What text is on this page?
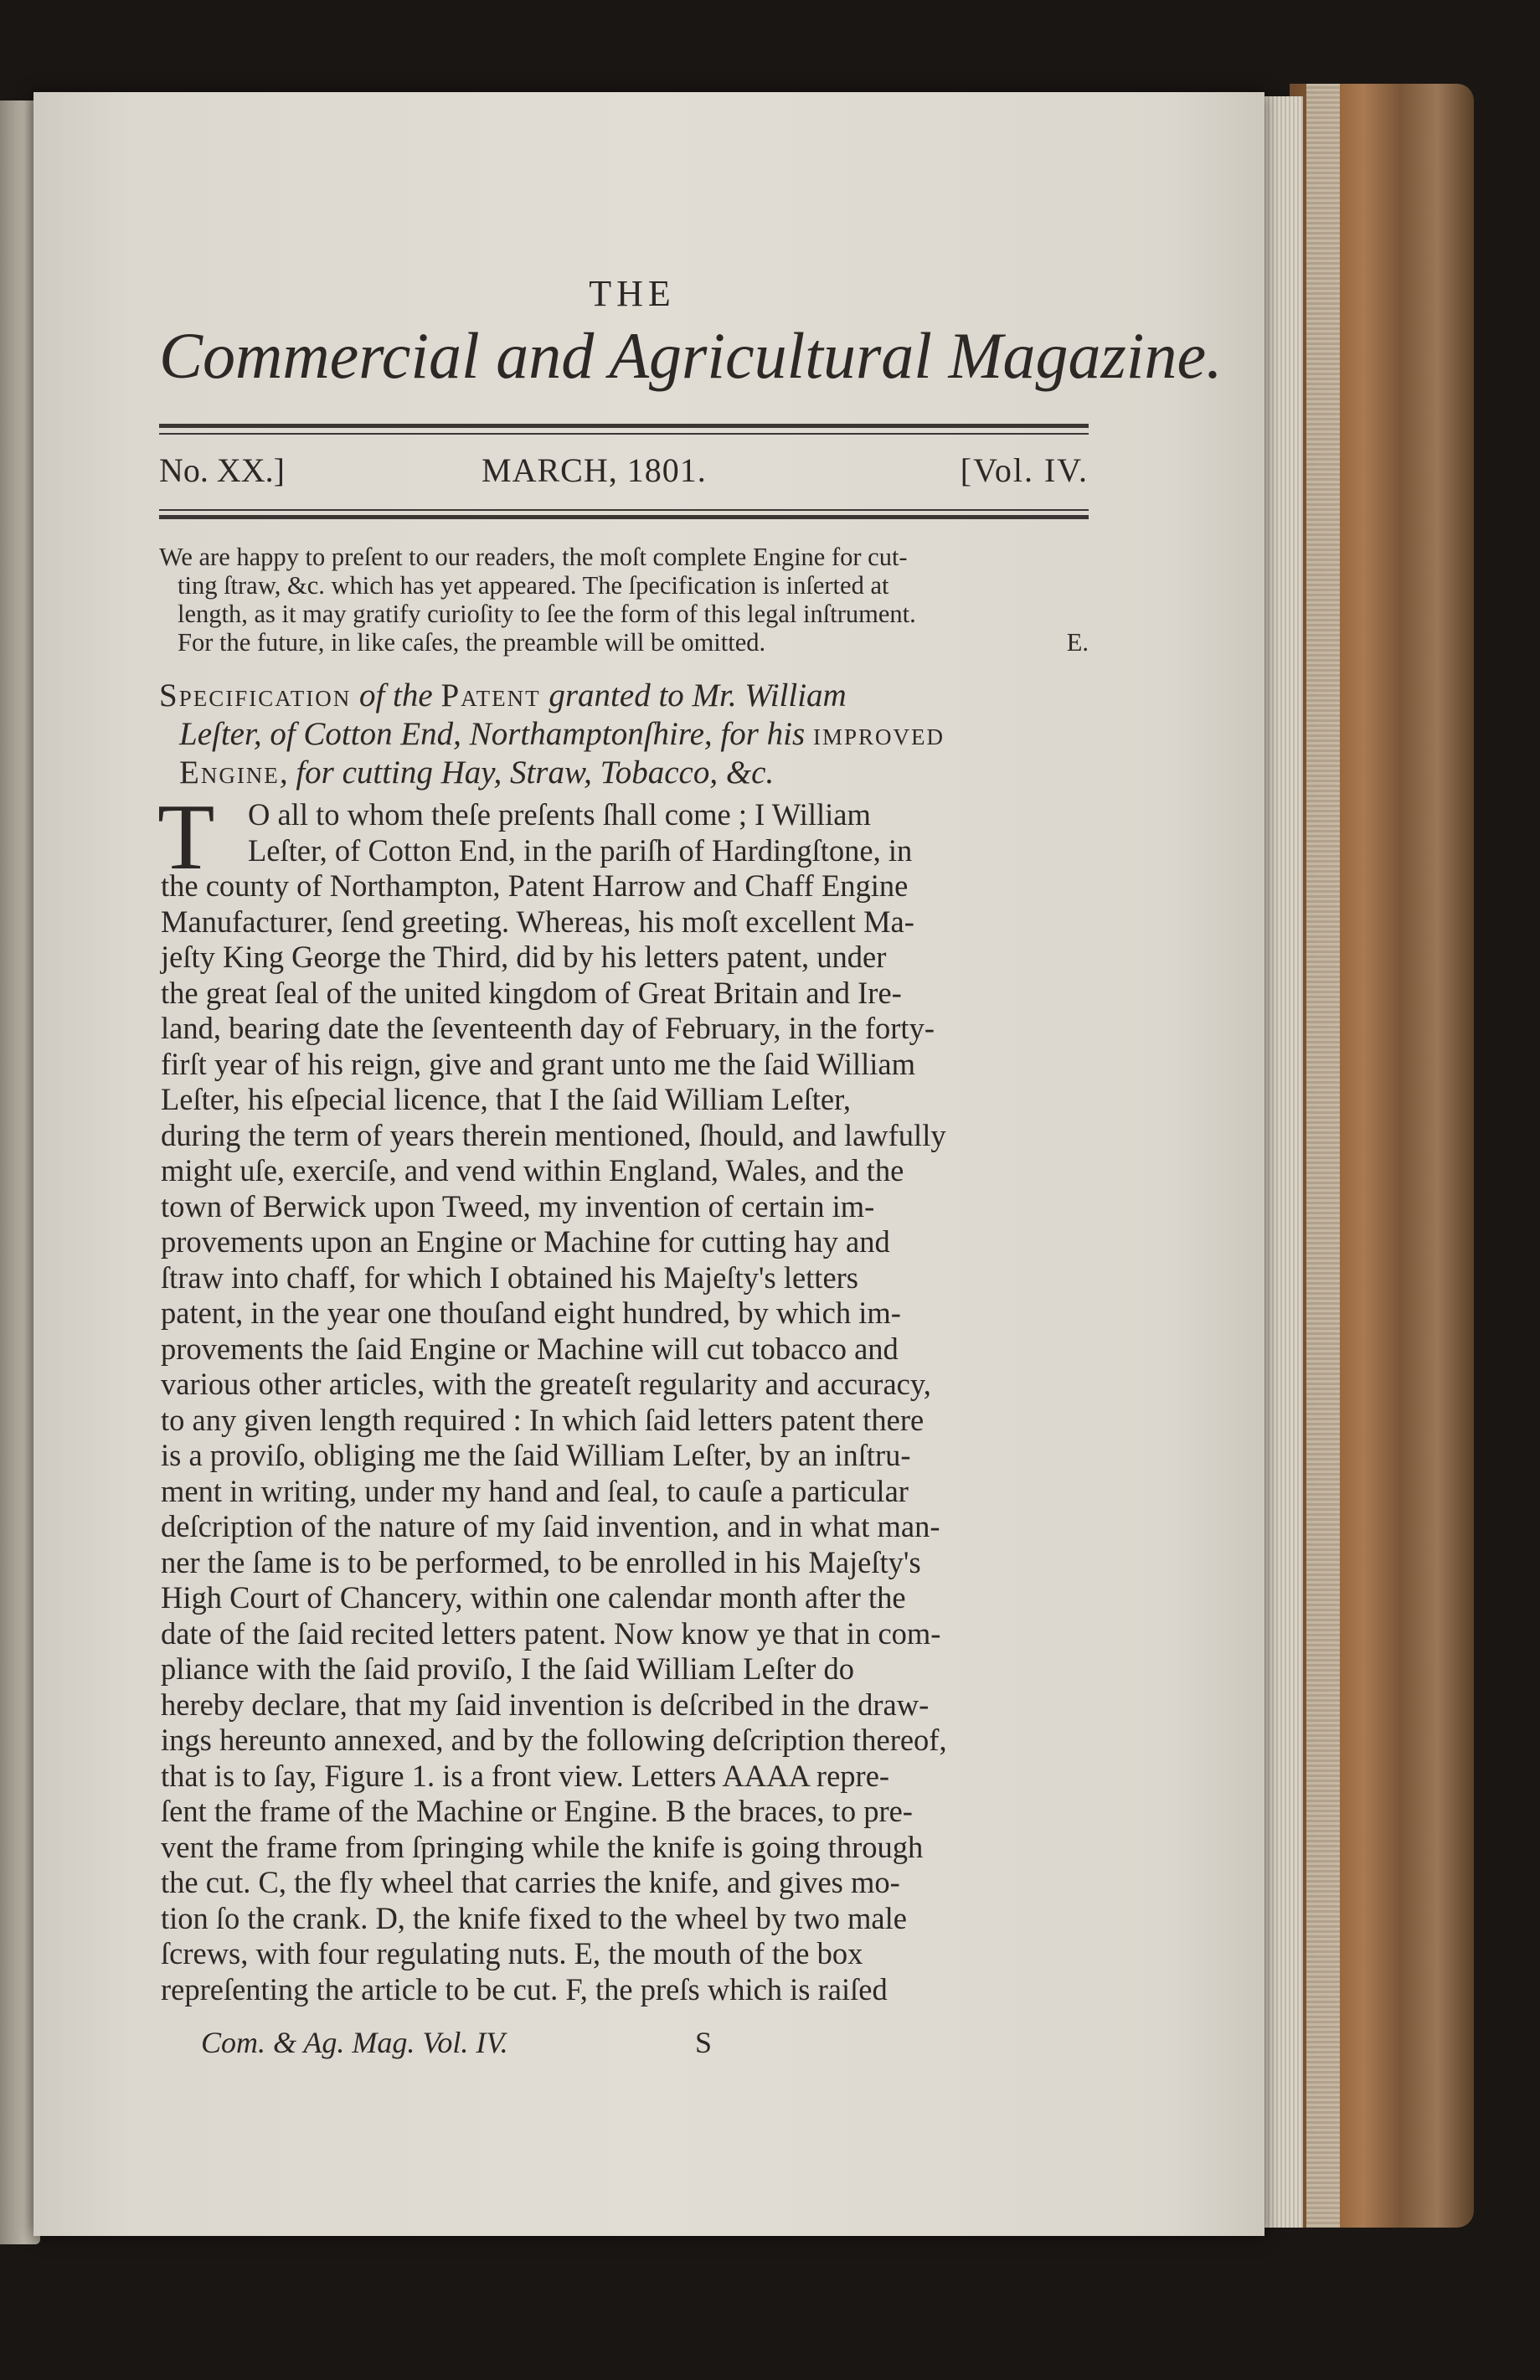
THE
Commercial and Agricultural Magazine.
No. XX.]	MARCH, 1801.	[Vol. IV.
We are happy to preſent to our readers, the moſt complete Engine for cut-
ting ſtraw, &c. which has yet appeared. The ſpecification is inſerted at
length, as it may gratify curioſity to ſee the form of this legal inſtrument.
For the future, in like caſes, the preamble will be omitted.	E.
Specification of the Patent granted to Mr. William
Leſter, of Cotton End, Northamptonſhire, for his improved
Engine, for cutting Hay, Straw, Tobacco, &c.
T	O all to whom theſe preſents ſhall come ; I William
Leſter, of Cotton End, in the pariſh of Hardingſtone, in
the county of Northampton, Patent Harrow and Chaff Engine
Manufacturer, ſend greeting. Whereas, his moſt excellent Ma-
jeſty King George the Third, did by his letters patent, under
the great ſeal of the united kingdom of Great Britain and Ire-
land, bearing date the ſeventeenth day of February, in the forty-
firſt year of his reign, give and grant unto me the ſaid William
Leſter, his eſpecial licence, that I the ſaid William Leſter,
during the term of years therein mentioned, ſhould, and lawfully
might uſe, exerciſe, and vend within England, Wales, and the
town of Berwick upon Tweed, my invention of certain im-
provements upon an Engine or Machine for cutting hay and
ſtraw into chaff, for which I obtained his Majeſty's letters
patent, in the year one thouſand eight hundred, by which im-
provements the ſaid Engine or Machine will cut tobacco and
various other articles, with the greateſt regularity and accuracy,
to any given length required : In which ſaid letters patent there
is a proviſo, obliging me the ſaid William Leſter, by an inſtru-
ment in writing, under my hand and ſeal, to cauſe a particular
deſcription of the nature of my ſaid invention, and in what man-
ner the ſame is to be performed, to be enrolled in his Majeſty's
High Court of Chancery, within one calendar month after the
date of the ſaid recited letters patent. Now know ye that in com-
pliance with the ſaid proviſo, I the ſaid William Leſter do
hereby declare, that my ſaid invention is deſcribed in the draw-
ings hereunto annexed, and by the following deſcription thereof,
that is to ſay, Figure 1. is a front view. Letters AAAA repre-
ſent the frame of the Machine or Engine. B the braces, to pre-
vent the frame from ſpringing while the knife is going through
the cut. C, the fly wheel that carries the knife, and gives mo-
tion ſo the crank. D, the knife fixed to the wheel by two male
ſcrews, with four regulating nuts. E, the mouth of the box
repreſenting the article to be cut. F, the preſs which is raiſed
Com. & Ag. Mag. Vol. IV.	S
